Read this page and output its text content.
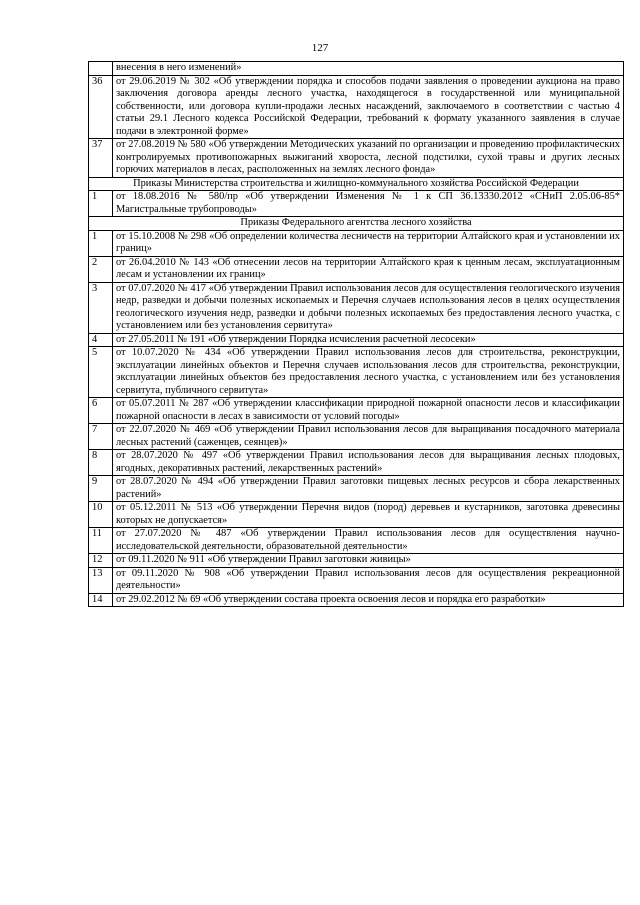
127
	внесения в него изменений»
36	от 29.06.2019 № 302 «Об утверждении порядка и способов подачи заявления о проведении аукциона на право заключения договора аренды лесного участка, находящегося в государственной или муниципальной собственности, или договора купли-продажи лесных насаждений, заключаемого в соответствии с частью 4 статьи 29.1 Лесного кодекса Российской Федерации, требований к формату указанного заявления в случае подачи в электронной форме»
37	от 27.08.2019 № 580 «Об утверждении Методических указаний по организации и проведению профилактических контролируемых противопожарных выжиганий хвороста, лесной подстилки, сухой травы и других лесных горючих материалов в лесах, расположенных на землях лесного фонда»
Приказы Министерства строительства и жилищно-коммунального хозяйства Российской Федерации	
1	от 18.08.2016 № 580/пр «Об утверждении Изменения № 1 к СП 36.13330.2012 «СНиП 2.05.06-85* Магистральные трубопроводы»
Приказы Федерального агентства лесного хозяйства	
1	от 15.10.2008 № 298 «Об определении количества лесничеств на территории Алтайского края и установлении их границ»
2	от 26.04.2010 № 143 «Об отнесении лесов на территории Алтайского края к ценным лесам, эксплуатационным лесам и установлении их границ»
3	от 07.07.2020 № 417 «Об утверждении Правил использования лесов для осуществления геологического изучения недр, разведки и добычи полезных ископаемых и Перечня случаев использования лесов в целях осуществления геологического изучения недр, разведки и добычи полезных ископаемых без предоставления лесного участка, с установлением или без установления сервитута»
4	от 27.05.2011 № 191 «Об утверждении Порядка исчисления расчетной лесосеки»
5	от 10.07.2020 № 434 «Об утверждении Правил использования лесов для строительства, реконструкции, эксплуатации линейных объектов и Перечня случаев использования лесов для строительства, реконструкции, эксплуатации линейных объектов без предоставления лесного участка, с установлением или без установления сервитута, публичного сервитута»
6	от 05.07.2011 № 287 «Об утверждении классификации природной пожарной опасности лесов и классификации пожарной опасности в лесах в зависимости от условий погоды»
7	от 22.07.2020 № 469 «Об утверждении Правил использования лесов для выращивания посадочного материала лесных растений (саженцев, сеянцев)»
8	от 28.07.2020 № 497 «Об утверждении Правил использования лесов для выращивания лесных плодовых, ягодных, декоративных растений, лекарственных растений»
9	от 28.07.2020 № 494 «Об утверждении Правил заготовки пищевых лесных ресурсов и сбора лекарственных растений»
10	от 05.12.2011 № 513 «Об утверждении Перечня видов (пород) деревьев и кустарников, заготовка древесины которых не допускается»
11	от 27.07.2020 № 487 «Об утверждении Правил использования лесов для осуществления научно-исследовательской деятельности, образовательной деятельности»
12	от 09.11.2020 № 911 «Об утверждении Правил заготовки живицы»
13	от 09.11.2020 № 908 «Об утверждении Правил использования лесов для осуществления рекреационной деятельности»
14	от 29.02.2012 № 69 «Об утверждении состава проекта освоения лесов и порядка его разработки»
